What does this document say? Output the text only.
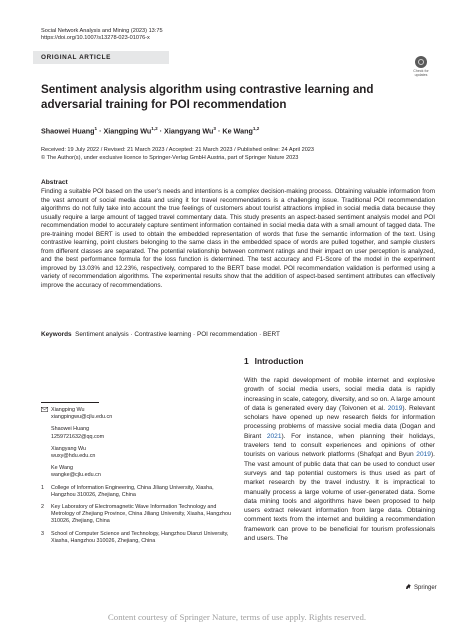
Social Network Analysis and Mining (2023) 13:75
https://doi.org/10.1007/s13278-023-01076-x
ORIGINAL ARTICLE
Check for
updates
Sentiment analysis algorithm using contrastive learning and adversarial training for POI recommendation
Shaowei Huang$^1$ · Xiangping Wu$^{1,2}$ · Xiangyang $Wu^3 \cdot Ke$ Wang$^{1,2}$
Received: 19 July 2022 / Revised: 21 March 2023 / Accepted: 21 March 2023 / Published online: 24 April 2023
© The Author(s), under exclusive licence to Springer-Verlag GmbH Austria, part of Springer Nature 2023
Abstract
Finding a suitable POI based on the user’s needs and intentions is a complex decision-making process. Obtaining valuable information from the vast amount of social media data and using it for travel recommendations is a challenging issue. Traditional POI recommendation algorithms do not fully take into account the true feelings of customers about tourist attractions implied in social media data because they usually require a large amount of tagged travel commentary data. This study presents an aspect-based sentiment analysis model and POI recommendation model to accurately capture sentiment information contained in social media data with a small amount of tagged data. The pre-training model BERT is used to obtain the embedded representation of words that fuse the semantic information of the text. Using contrastive learning, point clusters belonging to the same class in the embedded space of words are pulled together, and sample clusters from different classes are separated. The potential relationship between comment ratings and their impact on user perception is analyzed, and the best performance formula for the loss function is determined. The test accuracy and F1-Score of the model in the experiment improved by 13.03% and 12.23%, respectively, compared to the BERT base model. POI recommendation validation is performed using a variety of recommendation algorithms. The experimental results show that the addition of aspect-based sentiment attributes can effectively improve the accuracy of recommendations.
Keywords Sentiment analysis · Contrastive learning · POI recommendation · BERT
1 Introduction
With the rapid development of mobile internet and explosive growth of social media users, social media data is rapidly increasing in scale, category, diversity, and so on. A large amount of data is generated every day (Toivonen et al. 2019). Relevant scholars have opened up new research fields for information processing problems of massive social media data (Dogan and Birant 2021). For instance, when planning their holidays, travelers tend to consult experiences and opinions of other tourists on various network platforms (Shafqat and Byun 2019). The vast amount of public data that can be used to conduct user surveys and tap potential customers is thus used as part of market research by the travel industry. It is impractical to manually process a large volume of user-generated data. Some data mining tools and algorithms have been proposed to help users extract relevant information from large data. Obtaining comment texts from the internet and building a recommendation framework can prove to be beneficial for tourism professionals and users. The
Xiangping Wu
xiangpingwu@cjlu.edu.cn
Shaowei Huang
1259721632@qq.com
Xiangyang Wu
wuxy@hdu.edu.cn
Ke Wang
wangke@cjlu.edu.cn
1 College of Information Engineering, China Jiliang University, Xiasha, Hangzhou 310026, Zhejiang, China
2 Key Laboratory of Electromagnetic Wave Information Technology and Metrology of Zhejiang Province, China Jiliang University, Xiasha, Hangzhou 310026, Zhejiang, China
3 School of Computer Science and Technology, Hangzhou Dianzi University, Xiasha, Hangzhou 310026, Zhejiang, China
Springer
Content courtesy of Springer Nature, terms of use apply. Rights reserved.
